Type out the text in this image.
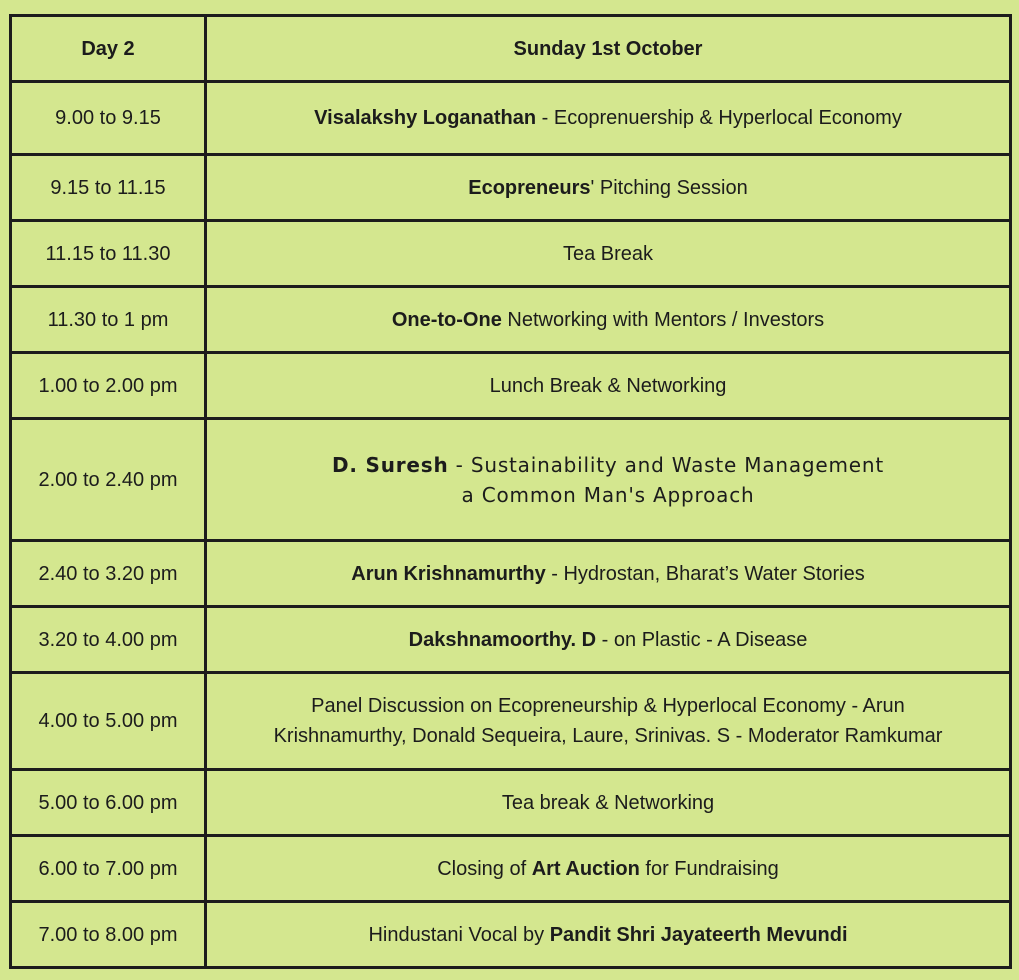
Day 2	Sunday 1st October
9.00 to 9.15	Visalakshy Loganathan - Ecoprenuership & Hyperlocal Economy
9.15 to 11.15	Ecopreneurs' Pitching Session
11.15 to 11.30	Tea Break
11.30 to 1 pm	One-to-One Networking with Mentors / Investors
1.00 to 2.00 pm	Lunch Break & Networking
2.00 to 2.40 pm	D. Suresh - Sustainability and Waste Management
a Common Man's Approach

2.40 to 3.20 pm	Arun Krishnamurthy - Hydrostan, Bharat’s Water Stories
3.20 to 4.00 pm	Dakshnamoorthy. D - on Plastic - A Disease
4.00 to 5.00 pm	Panel Discussion on Ecopreneurship & Hyperlocal Economy - Arun
Krishnamurthy, Donald Sequeira, Laure, Srinivas. S - Moderator Ramkumar

5.00 to 6.00 pm	Tea break & Networking
6.00 to 7.00 pm	Closing of Art Auction for Fundraising
7.00 to 8.00 pm	Hindustani Vocal by Pandit Shri Jayateerth Mevundi
